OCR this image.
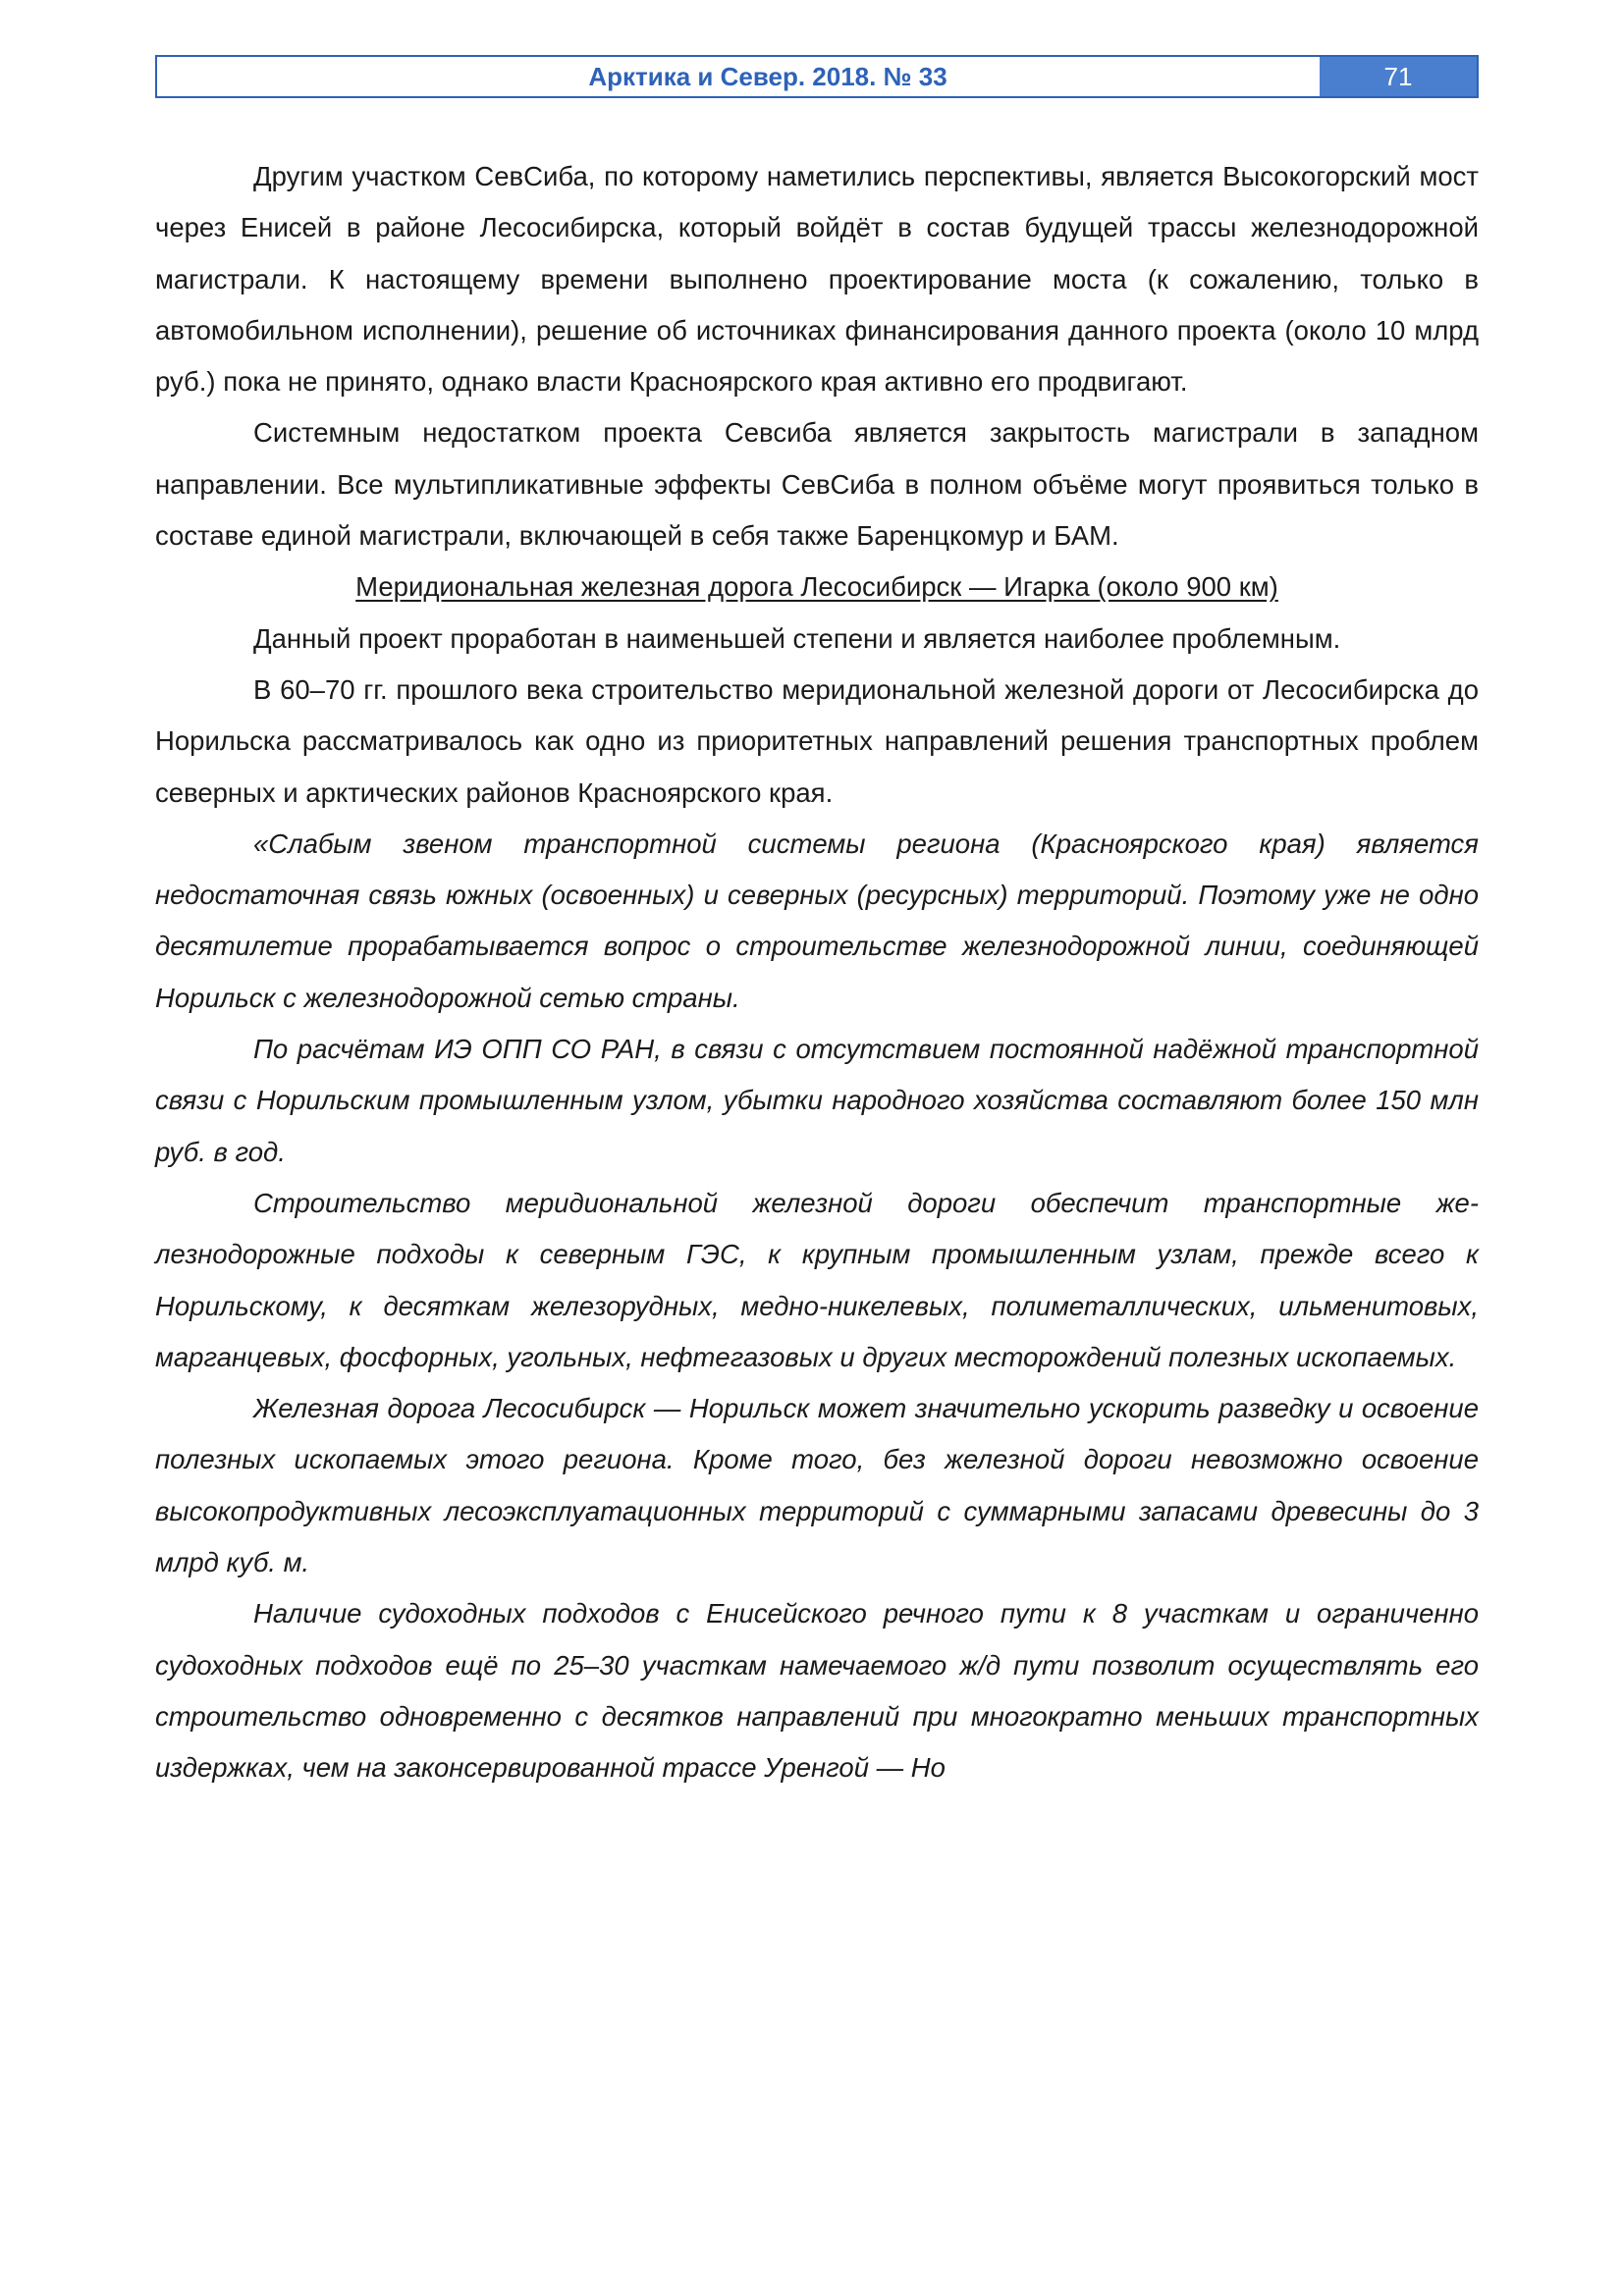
Арктика и Север. 2018. № 33	71

Другим участком СевСиба, по которому наметились перспективы, является Высокогорский мост через Енисей в районе Лесосибирска, который войдёт в состав будущей трассы железнодорожной магистрали. К настоящему времени выполнено проектирование моста (к сожалению, только в автомобильном исполнении), решение об источниках финансирования данного проекта (около 10 млрд руб.) пока не принято, однако власти Красноярского края активно его продвигают.

Системным недостатком проекта Севсиба является закрытость магистрали в западном направлении. Все мультипликативные эффекты СевСиба в полном объёме могут проявиться только в составе единой магистрали, включающей в себя также Баренцкомур и БАМ.

Меридиональная железная дорога Лесосибирск — Игарка (около 900 км)

Данный проект проработан в наименьшей степени и является наиболее проблемным.

В 60–70 гг. прошлого века строительство меридиональной железной дороги от Лесосибирска до Норильска рассматривалось как одно из приоритетных направлений решения транспортных проблем северных и арктических районов Красноярского края.

«Слабым звеном транспортной системы региона (Красноярского края) является недостаточная связь южных (освоенных) и северных (ресурсных) территорий. Поэтому уже не одно десятилетие прорабатывается вопрос о строительстве железнодорожной линии, соединяющей Норильск с железнодорожной сетью страны.

По расчётам ИЭ ОПП СО РАН, в связи с отсутствием постоянной надёжной транспортной связи с Норильским промышленным узлом, убытки народного хозяйства составляют более 150 млн руб. в год.

Строительство меридиональной железной дороги обеспечит транспортные железнодорожные подходы к северным ГЭС, к крупным промышленным узлам, прежде всего к Норильскому, к десяткам железорудных, медно-никелевых, полиметаллических, ильменитовых, марганцевых, фосфорных, угольных, нефтегазовых и других месторождений полезных ископаемых.

Железная дорога Лесосибирск — Норильск может значительно ускорить разведку и освоение полезных ископаемых этого региона. Кроме того, без железной дороги невозможно освоение высокопродуктивных лесоэксплуатационных территорий с суммарными запасами древесины до 3 млрд куб. м.

Наличие судоходных подходов с Енисейского речного пути к 8 участкам и ограниченно судоходных подходов ещё по 25–30 участкам намечаемого ж/д пути позволит осуществлять его строительство одновременно с десятков направлений при многократно меньших транспортных издержках, чем на законсервированной трассе Уренгой — Но
